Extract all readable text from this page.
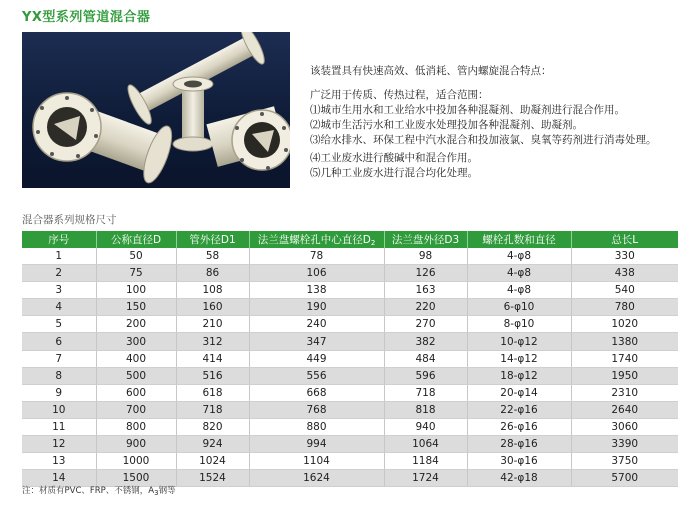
YX型系列管道混合器

该装置具有快速高效、低消耗、管内螺旋混合特点：

广泛用于传质、传热过程，适合范围：

⑴城市生用水和工业给水中投加各种混凝剂、助凝剂进行混合作用。

⑵城市生活污水和工业废水处理投加各种混凝剂、助凝剂。

⑶给水排水、环保工程中汽水混合和投加液氯、臭氧等药剂进行消毒处理。

⑷工业废水进行酸碱中和混合作用。

⑸几种工业废水进行混合均化处理。

混合器系列规格尺寸
序号	公称直径D	管外径D1	法兰盘螺栓孔中心直径$D_2$	法兰盘外径D3	螺栓孔数和直径	总长L
1	50	58	78	98	4-φ8	330
2	75	86	106	126	4-φ8	438
3	100	108	138	163	4-φ8	540
4	150	160	190	220	6-φ10	780
5	200	210	240	270	8-φ10	1020
6	300	312	347	382	10-φ12	1380
7	400	414	449	484	14-φ12	1740
8	500	516	556	596	18-φ12	1950
9	600	618	668	718	20-φ14	2310
10	700	718	768	818	22-φ16	2640
11	800	820	880	940	26-φ16	3060
12	900	924	994	1064	28-φ16	3390
13	1000	1024	1104	1184	30-φ16	3750
14	1500	1524	1624	1724	42-φ18	5700
注：材质有PVC、FRP、不锈钢，$A_3$钢等
